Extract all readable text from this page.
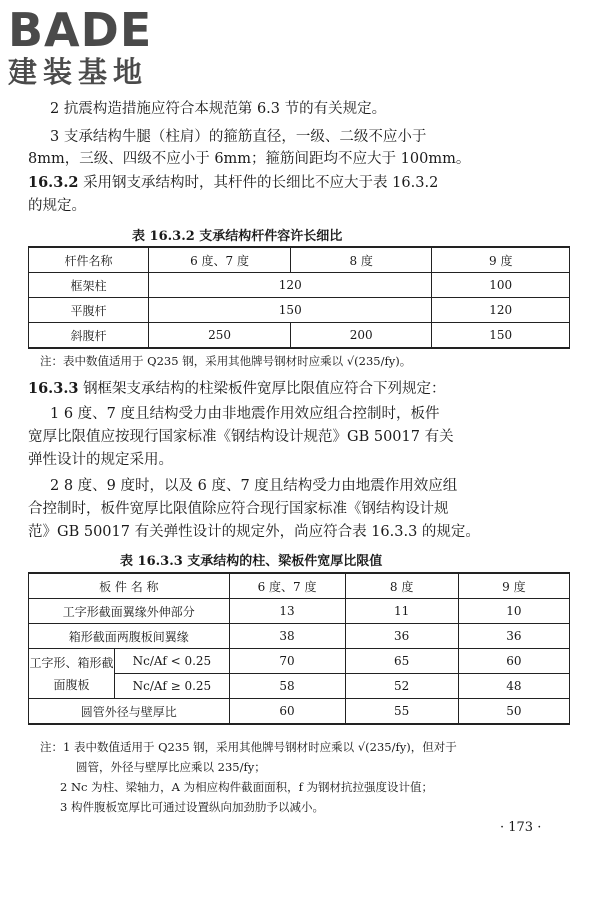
BADE
建装基地
2 抗震构造措施应符合本规范第 6.3 节的有关规定。
3 支承结构牛腿（柱肩）的箍筋直径，一级、二级不应小于
8mm，三级、四级不应小于 6mm；箍筋间距均不应大于 100mm。
16.3.2 采用钢支承结构时，其杆件的长细比不应大于表 16.3.2
的规定。
表 16.3.2 支承结构杆件容许长细比
杆件名称	6 度、7 度	8 度	9 度
框架柱	120		100
平腹杆	150		120
斜腹杆	250	200	150
注：表中数值适用于 Q235 钢，采用其他牌号钢材时应乘以 √(235/fy)。
16.3.3 钢框架支承结构的柱梁板件宽厚比限值应符合下列规定：
1 6 度、7 度且结构受力由非地震作用效应组合控制时，板件
宽厚比限值应按现行国家标准《钢结构设计规范》GB 50017 有关
弹性设计的规定采用。
2 8 度、9 度时，以及 6 度、7 度且结构受力由地震作用效应组
合控制时，板件宽厚比限值除应符合现行国家标准《钢结构设计规
范》GB 50017 有关弹性设计的规定外，尚应符合表 16.3.3 的规定。
表 16.3.3 支承结构的柱、梁板件宽厚比限值
板 件 名 称		6 度、7 度	8 度	9 度
工字形截面翼缘外伸部分		13	11	10
箱形截面两腹板间翼缘		38	36	36
工字形、箱形截面腹板	Nc/Af < 0.25	70	65	60
	Nc/Af ≥ 0.25	58	52	48
圆管外径与壁厚比		60	55	50
注：1 表中数值适用于 Q235 钢，采用其他牌号钢材时应乘以 √(235/fy)，但对于
圆管，外径与壁厚比应乘以 235/fy；
2 Nc 为柱、梁轴力，A 为相应构件截面面积，f 为钢材抗拉强度设计值；
3 构件腹板宽厚比可通过设置纵向加劲肋予以减小。
· 173 ·
